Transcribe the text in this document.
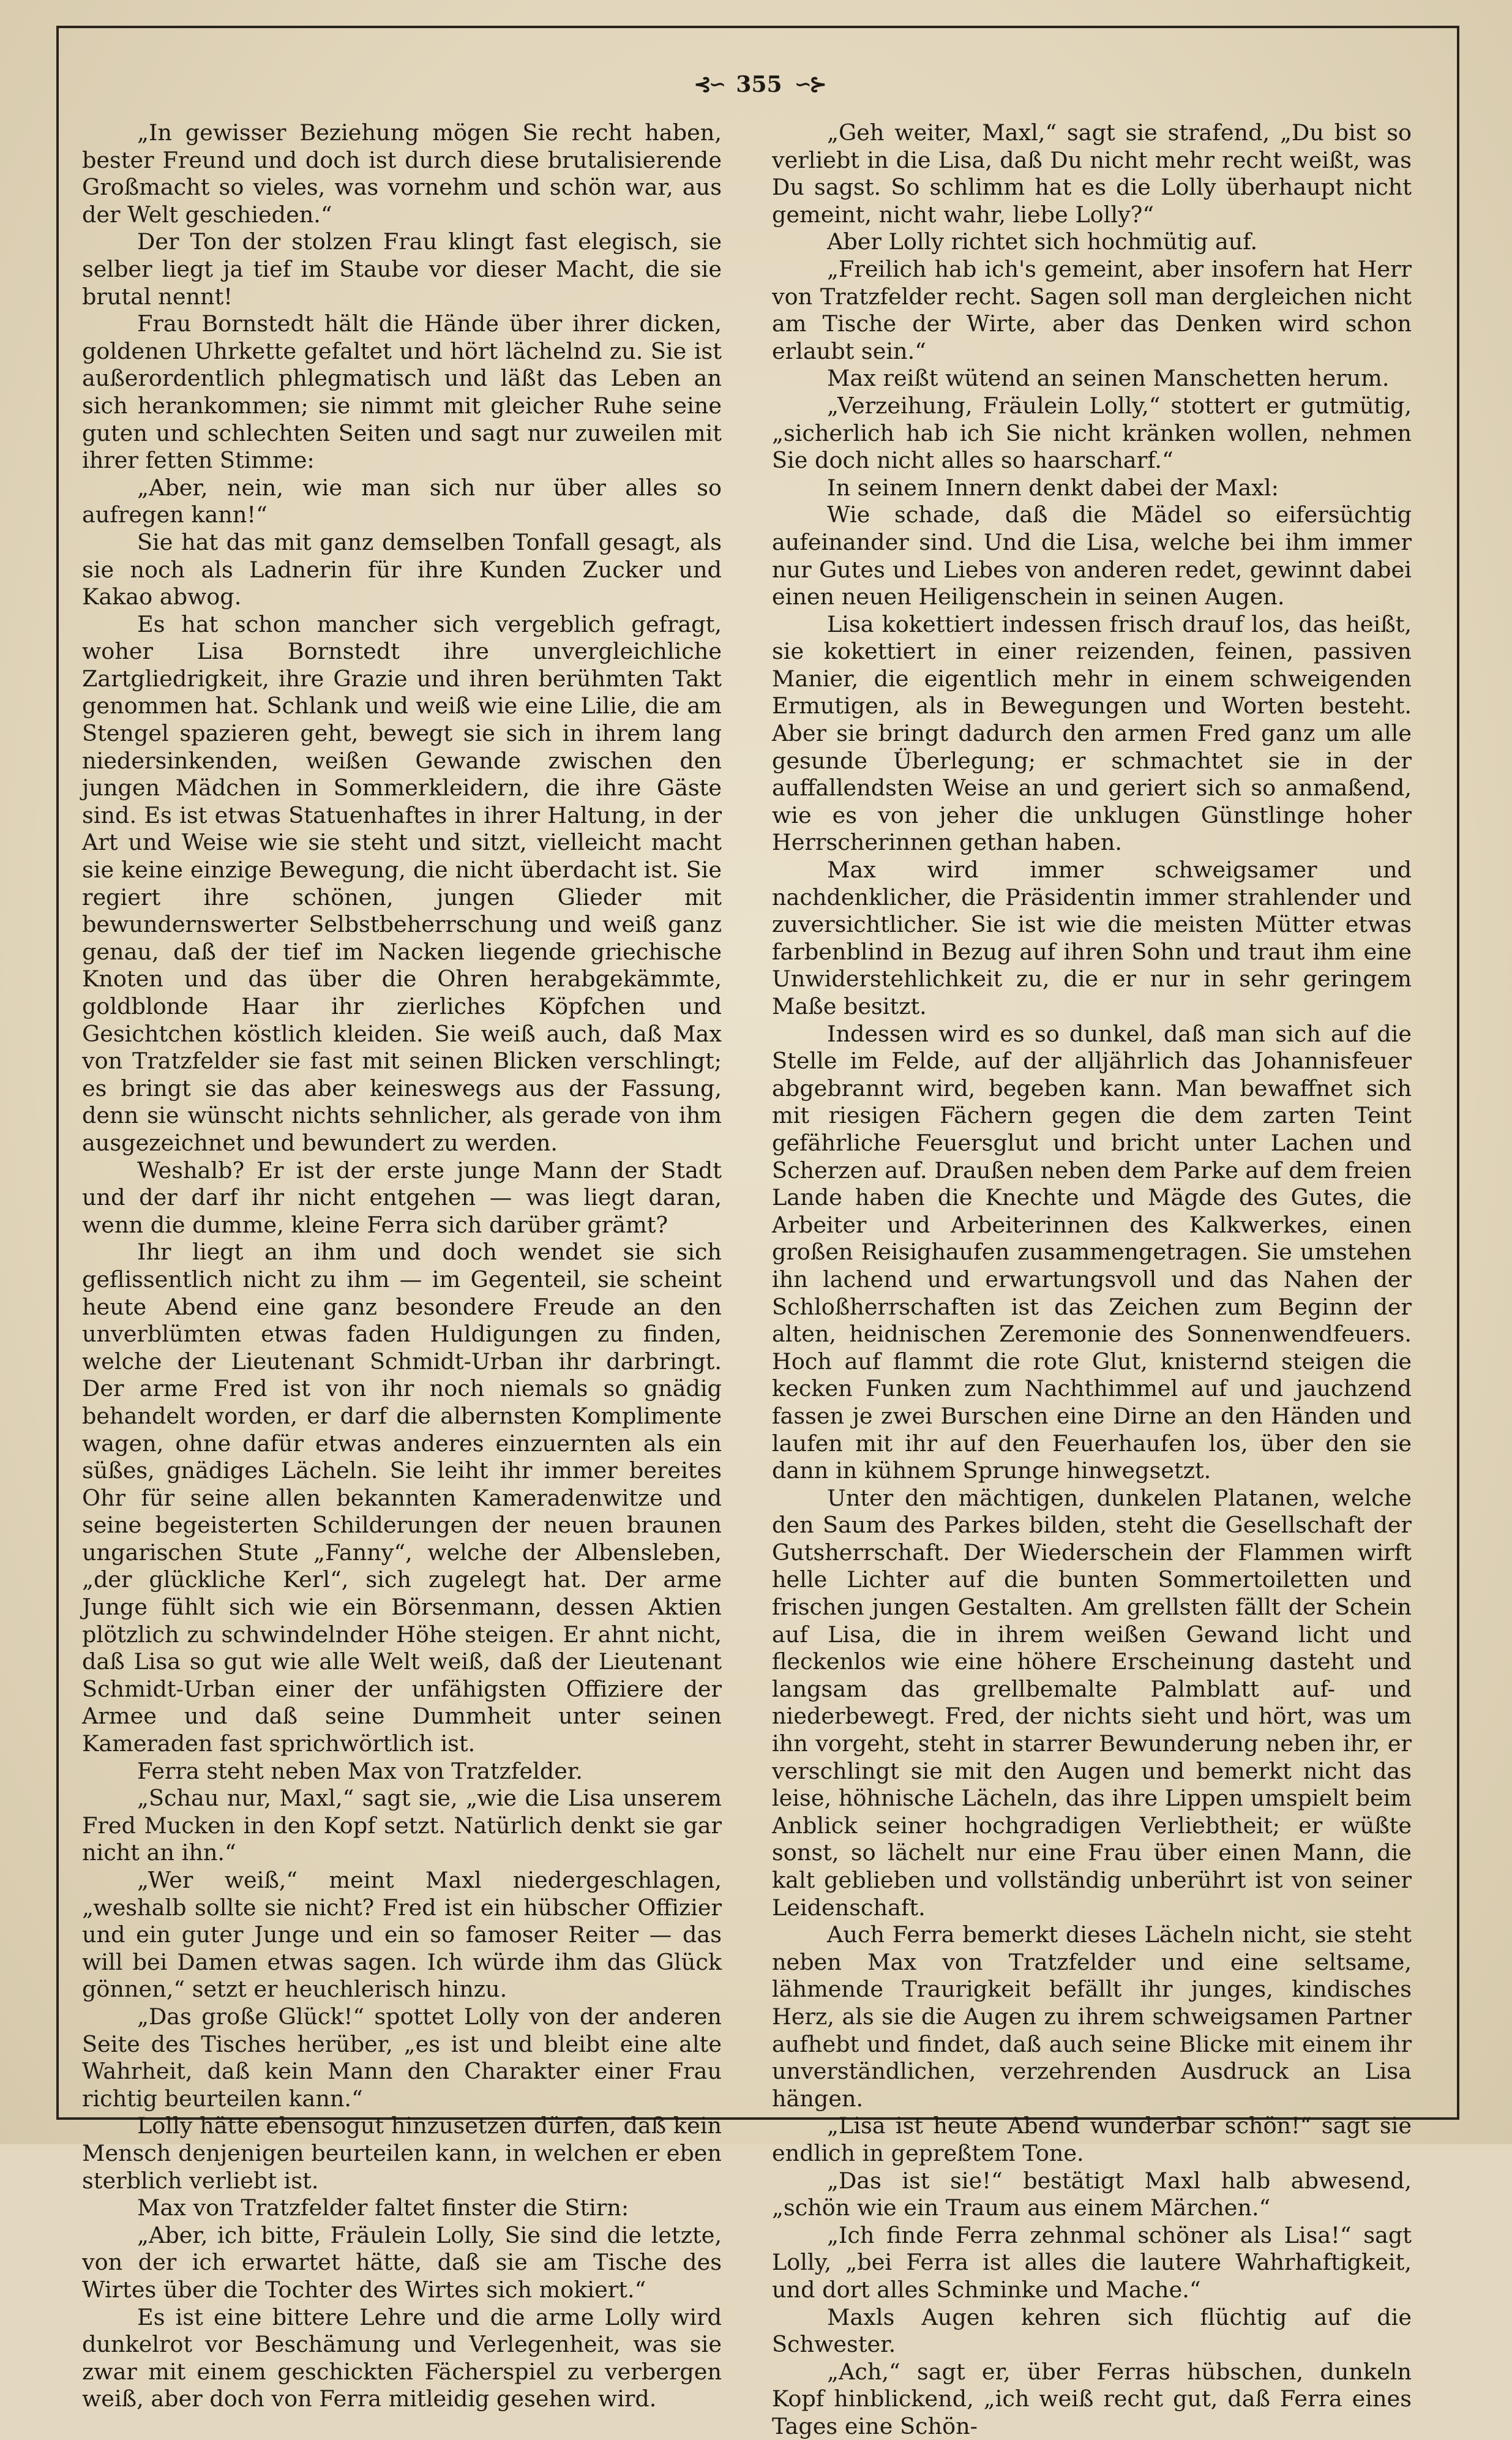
⊰∽ 355 ∽⊱

„In gewisser Beziehung mögen Sie recht haben, bester Freund und doch ist durch diese brutalisierende Großmacht so vieles, was vornehm und schön war, aus der Welt geschieden.“

Der Ton der stolzen Frau klingt fast elegisch, sie selber liegt ja tief im Staube vor dieser Macht, die sie brutal nennt!

Frau Bornstedt hält die Hände über ihrer dicken, goldenen Uhrkette gefaltet und hört lächelnd zu. Sie ist außerordentlich phlegmatisch und läßt das Leben an sich herankommen; sie nimmt mit gleicher Ruhe seine guten und schlechten Seiten und sagt nur zuweilen mit ihrer fetten Stimme:

„Aber, nein, wie man sich nur über alles so aufregen kann!“

Sie hat das mit ganz demselben Tonfall gesagt, als sie noch als Ladnerin für ihre Kunden Zucker und Kakao abwog.

Es hat schon mancher sich vergeblich gefragt, woher Lisa Bornstedt ihre unvergleichliche Zartgliedrigkeit, ihre Grazie und ihren berühmten Takt genommen hat. Schlank und weiß wie eine Lilie, die am Stengel spazieren geht, bewegt sie sich in ihrem lang niedersinkenden, weißen Gewande zwischen den jungen Mädchen in Sommerkleidern, die ihre Gäste sind. Es ist etwas Statuenhaftes in ihrer Haltung, in der Art und Weise wie sie steht und sitzt, vielleicht macht sie keine einzige Bewegung, die nicht überdacht ist. Sie regiert ihre schönen, jungen Glieder mit bewundernswerter Selbstbeherrschung und weiß ganz genau, daß der tief im Nacken liegende griechische Knoten und das über die Ohren herabgekämmte, goldblonde Haar ihr zierliches Köpfchen und Gesichtchen köstlich kleiden. Sie weiß auch, daß Max von Tratzfelder sie fast mit seinen Blicken verschlingt; es bringt sie das aber keineswegs aus der Fassung, denn sie wünscht nichts sehnlicher, als gerade von ihm ausgezeichnet und bewundert zu werden.

Weshalb? Er ist der erste junge Mann der Stadt und der darf ihr nicht entgehen — was liegt daran, wenn die dumme, kleine Ferra sich darüber grämt?

Ihr liegt an ihm und doch wendet sie sich geflissentlich nicht zu ihm — im Gegenteil, sie scheint heute Abend eine ganz besondere Freude an den unverblümten etwas faden Huldigungen zu finden, welche der Lieutenant Schmidt-Urban ihr darbringt. Der arme Fred ist von ihr noch niemals so gnädig behandelt worden, er darf die albernsten Komplimente wagen, ohne dafür etwas anderes einzuernten als ein süßes, gnädiges Lächeln. Sie leiht ihr immer bereites Ohr für seine allen bekannten Kameradenwitze und seine begeisterten Schilderungen der neuen braunen ungarischen Stute „Fanny“, welche der Albensleben, „der glückliche Kerl“, sich zugelegt hat. Der arme Junge fühlt sich wie ein Börsenmann, dessen Aktien plötzlich zu schwindelnder Höhe steigen. Er ahnt nicht, daß Lisa so gut wie alle Welt weiß, daß der Lieutenant Schmidt-Urban einer der unfähigsten Offiziere der Armee und daß seine Dummheit unter seinen Kameraden fast sprichwörtlich ist.

Ferra steht neben Max von Tratzfelder.

„Schau nur, Maxl,“ sagt sie, „wie die Lisa unserem Fred Mucken in den Kopf setzt. Natürlich denkt sie gar nicht an ihn.“

„Wer weiß,“ meint Maxl niedergeschlagen, „weshalb sollte sie nicht? Fred ist ein hübscher Offizier und ein guter Junge und ein so famoser Reiter — das will bei Damen etwas sagen. Ich würde ihm das Glück gönnen,“ setzt er heuchlerisch hinzu.

„Das große Glück!“ spottet Lolly von der anderen Seite des Tisches herüber, „es ist und bleibt eine alte Wahrheit, daß kein Mann den Charakter einer Frau richtig beurteilen kann.“

Lolly hätte ebensogut hinzusetzen dürfen, daß kein Mensch denjenigen beurteilen kann, in welchen er eben sterblich verliebt ist.

Max von Tratzfelder faltet finster die Stirn:

„Aber, ich bitte, Fräulein Lolly, Sie sind die letzte, von der ich erwartet hätte, daß sie am Tische des Wirtes über die Tochter des Wirtes sich mokiert.“

Es ist eine bittere Lehre und die arme Lolly wird dunkelrot vor Beschämung und Verlegenheit, was sie zwar mit einem geschickten Fächerspiel zu verbergen weiß, aber doch von Ferra mitleidig gesehen wird.

„Geh weiter, Maxl,“ sagt sie strafend, „Du bist so verliebt in die Lisa, daß Du nicht mehr recht weißt, was Du sagst. So schlimm hat es die Lolly überhaupt nicht gemeint, nicht wahr, liebe Lolly?“

Aber Lolly richtet sich hochmütig auf.

„Freilich hab ich's gemeint, aber insofern hat Herr von Tratzfelder recht. Sagen soll man dergleichen nicht am Tische der Wirte, aber das Denken wird schon erlaubt sein.“

Max reißt wütend an seinen Manschetten herum.

„Verzeihung, Fräulein Lolly,“ stottert er gutmütig, „sicherlich hab ich Sie nicht kränken wollen, nehmen Sie doch nicht alles so haarscharf.“

In seinem Innern denkt dabei der Maxl:

Wie schade, daß die Mädel so eifersüchtig aufeinander sind. Und die Lisa, welche bei ihm immer nur Gutes und Liebes von anderen redet, gewinnt dabei einen neuen Heiligenschein in seinen Augen.

Lisa kokettiert indessen frisch drauf los, das heißt, sie kokettiert in einer reizenden, feinen, passiven Manier, die eigentlich mehr in einem schweigenden Ermutigen, als in Bewegungen und Worten besteht. Aber sie bringt dadurch den armen Fred ganz um alle gesunde Überlegung; er schmachtet sie in der auffallendsten Weise an und geriert sich so anmaßend, wie es von jeher die unklugen Günstlinge hoher Herrscherinnen gethan haben.

Max wird immer schweigsamer und nachdenklicher, die Präsidentin immer strahlender und zuversichtlicher. Sie ist wie die meisten Mütter etwas farbenblind in Bezug auf ihren Sohn und traut ihm eine Unwiderstehlichkeit zu, die er nur in sehr geringem Maße besitzt.

Indessen wird es so dunkel, daß man sich auf die Stelle im Felde, auf der alljährlich das Johannisfeuer abgebrannt wird, begeben kann. Man bewaffnet sich mit riesigen Fächern gegen die dem zarten Teint gefährliche Feuersglut und bricht unter Lachen und Scherzen auf. Draußen neben dem Parke auf dem freien Lande haben die Knechte und Mägde des Gutes, die Arbeiter und Arbeiterinnen des Kalkwerkes, einen großen Reisighaufen zusammengetragen. Sie umstehen ihn lachend und erwartungsvoll und das Nahen der Schloßherrschaften ist das Zeichen zum Beginn der alten, heidnischen Zeremonie des Sonnenwendfeuers. Hoch auf flammt die rote Glut, knisternd steigen die kecken Funken zum Nachthimmel auf und jauchzend fassen je zwei Burschen eine Dirne an den Händen und laufen mit ihr auf den Feuerhaufen los, über den sie dann in kühnem Sprunge hinwegsetzt.

Unter den mächtigen, dunkelen Platanen, welche den Saum des Parkes bilden, steht die Gesellschaft der Gutsherrschaft. Der Wiederschein der Flammen wirft helle Lichter auf die bunten Sommertoiletten und frischen jungen Gestalten. Am grellsten fällt der Schein auf Lisa, die in ihrem weißen Gewand licht und fleckenlos wie eine höhere Erscheinung dasteht und langsam das grellbemalte Palmblatt auf- und niederbewegt. Fred, der nichts sieht und hört, was um ihn vorgeht, steht in starrer Bewunderung neben ihr, er verschlingt sie mit den Augen und bemerkt nicht das leise, höhnische Lächeln, das ihre Lippen umspielt beim Anblick seiner hochgradigen Verliebtheit; er wüßte sonst, so lächelt nur eine Frau über einen Mann, die kalt geblieben und vollständig unberührt ist von seiner Leidenschaft.

Auch Ferra bemerkt dieses Lächeln nicht, sie steht neben Max von Tratzfelder und eine seltsame, lähmende Traurigkeit befällt ihr junges, kindisches Herz, als sie die Augen zu ihrem schweigsamen Partner aufhebt und findet, daß auch seine Blicke mit einem ihr unverständlichen, verzehrenden Ausdruck an Lisa hängen.

„Lisa ist heute Abend wunderbar schön!“ sagt sie endlich in gepreßtem Tone.

„Das ist sie!“ bestätigt Maxl halb abwesend, „schön wie ein Traum aus einem Märchen.“

„Ich finde Ferra zehnmal schöner als Lisa!“ sagt Lolly, „bei Ferra ist alles die lautere Wahrhaftigkeit, und dort alles Schminke und Mache.“

Maxls Augen kehren sich flüchtig auf die Schwester.

„Ach,“ sagt er, über Ferras hübschen, dunkeln Kopf hinblickend, „ich weiß recht gut, daß Ferra eines Tages eine Schön-
